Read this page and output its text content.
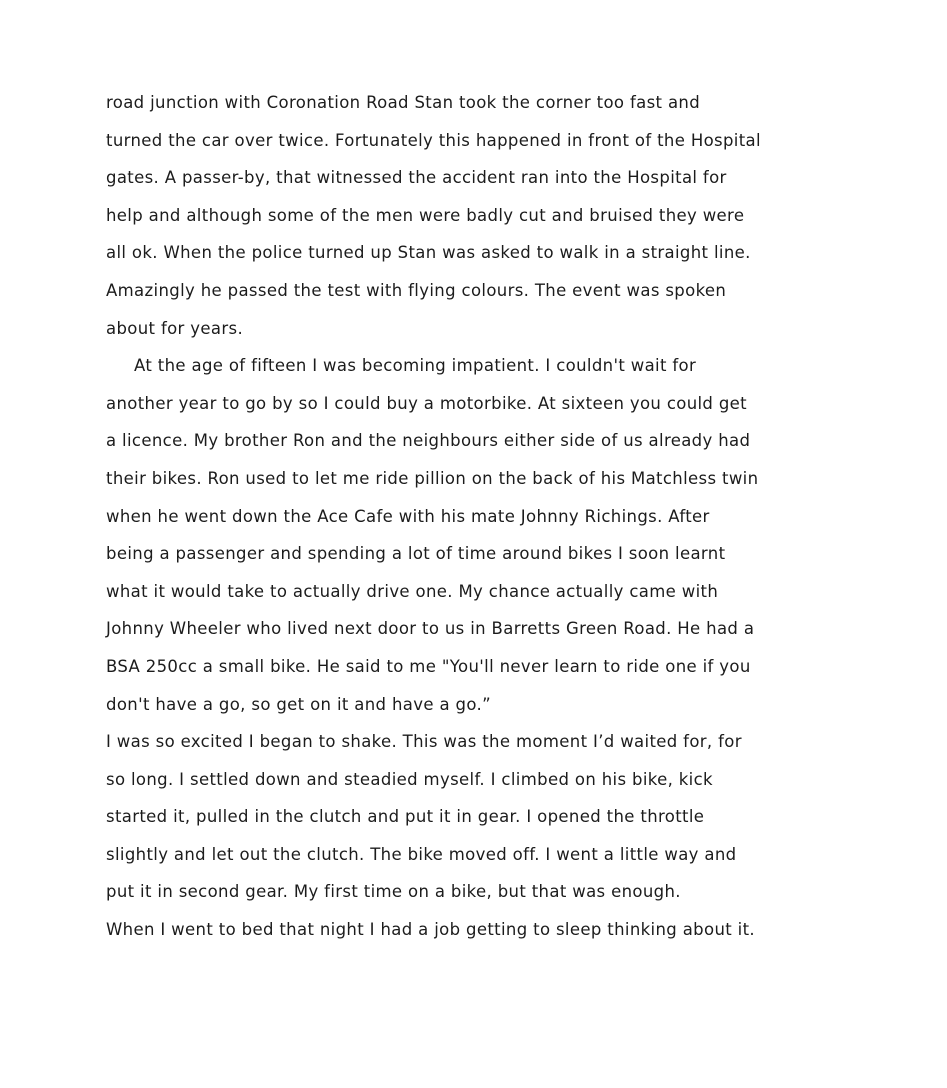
road junction with Coronation Road Stan took the corner too fast and
turned the car over twice. Fortunately this happened in front of the Hospital
gates. A passer-by, that witnessed the accident ran into the Hospital for
help and although some of the men were badly cut and bruised they were
all ok. When the police turned up Stan was asked to walk in a straight line.
Amazingly he passed the test with flying colours. The event was spoken
about for years.
At the age of fifteen I was becoming impatient. I couldn't wait for
another year to go by so I could buy a motorbike. At sixteen you could get
a licence. My brother Ron and the neighbours either side of us already had
their bikes. Ron used to let me ride pillion on the back of his Matchless twin
when he went down the Ace Cafe with his mate Johnny Richings. After
being a passenger and spending a lot of time around bikes I soon learnt
what it would take to actually drive one. My chance actually came with
Johnny Wheeler who lived next door to us in Barretts Green Road. He had a
BSA 250cc a small bike. He said to me "You'll never learn to ride one if you
don't have a go, so get on it and have a go.”
I was so excited I began to shake. This was the moment I’d waited for, for
so long. I settled down and steadied myself. I climbed on his bike, kick
started it, pulled in the clutch and put it in gear. I opened the throttle
slightly and let out the clutch. The bike moved off. I went a little way and
put it in second gear. My first time on a bike, but that was enough.
When I went to bed that night I had a job getting to sleep thinking about it.
